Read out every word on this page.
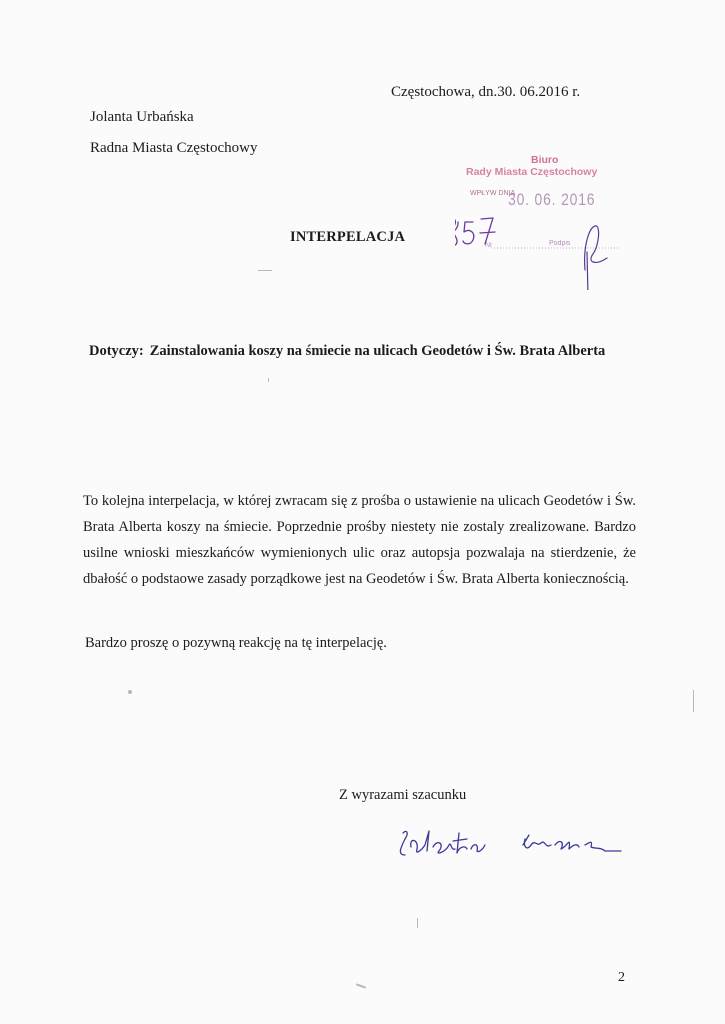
Częstochowa, dn.30. 06.2016 r.
Jolanta Urbańska
Radna Miasta Częstochowy
Biuro
Rady Miasta Częstochowy
WPŁYW DNIA
30. 06. 2016
Nr	Podpis
INTERPELACJA
Dotyczy: Zainstalowania koszy na śmiecie na ulicach Geodetów i Św. Brata Alberta

To kolejna interpelacja, w której zwracam się z prośba o ustawienie na ulicach Geodetów i Św. Brata Alberta koszy na śmiecie. Poprzednie prośby niestety nie zostaly zrealizowane. Bardzo usilne wnioski mieszkańców wymienionych ulic oraz autopsja pozwalaja na stierdzenie, że dbałość o podstaowe zasady porządkowe jest na Geodetów i Św. Brata Alberta koniecznością.

Bardzo proszę o pozywną reakcję na tę interpelację.
Z wyrazami szacunku
2
